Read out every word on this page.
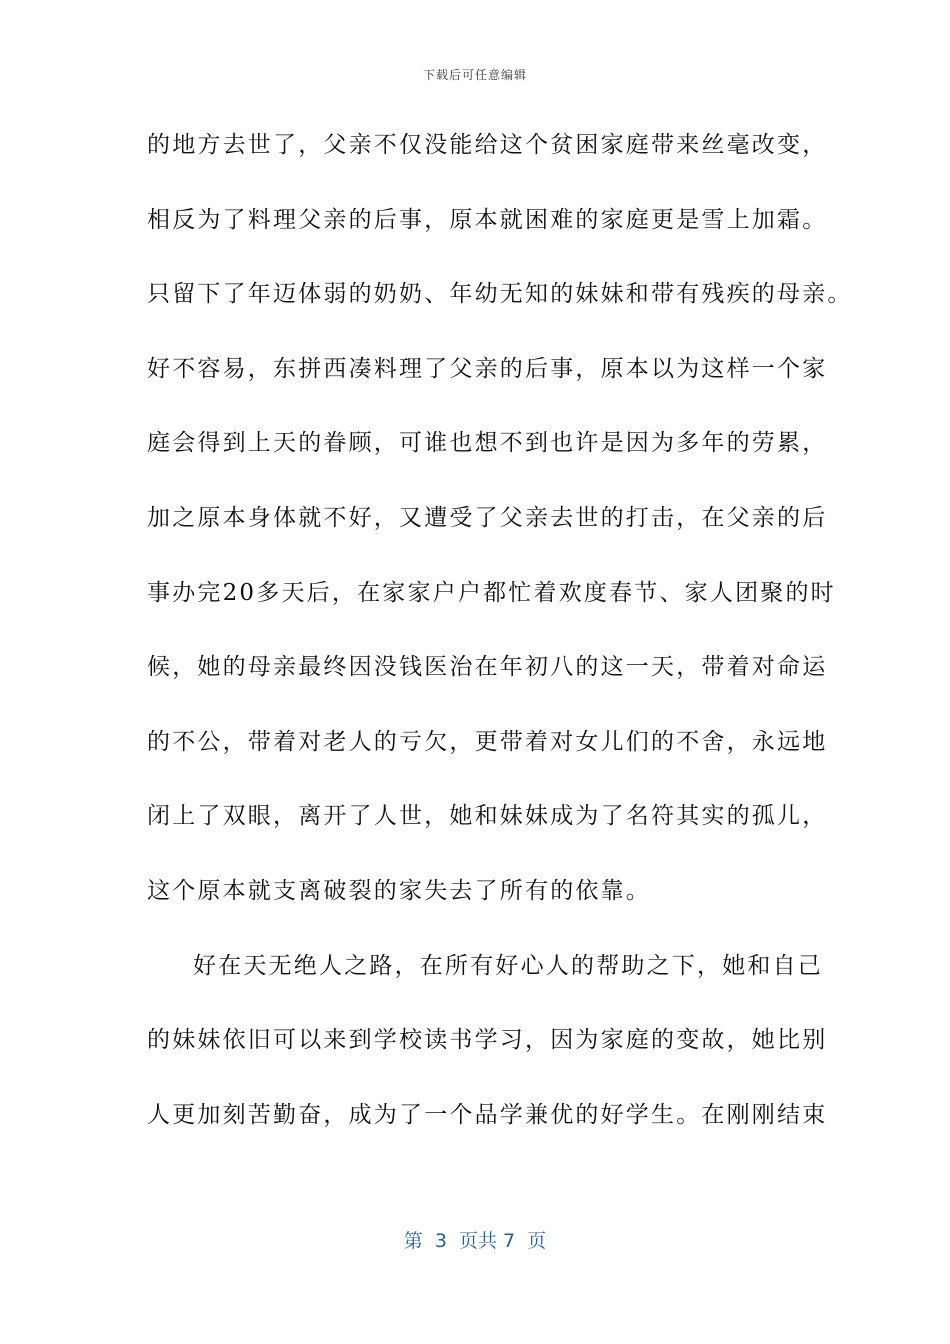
下载后可任意编辑
的地方去世了，父亲不仅没能给这个贫困家庭带来丝毫改变，
相反为了料理父亲的后事，原本就困难的家庭更是雪上加霜。
只留下了年迈体弱的奶奶、年幼无知的妹妹和带有残疾的母亲。
好不容易，东拼西凑料理了父亲的后事，原本以为这样一个家
庭会得到上天的眷顾，可谁也想不到也许是因为多年的劳累，
加之原本身体就不好，又遭受了父亲去世的打击，在父亲的后
事办完20多天后，在家家户户都忙着欢度春节、家人团聚的时
候，她的母亲最终因没钱医治在年初八的这一天，带着对命运
的不公，带着对老人的亏欠，更带着对女儿们的不舍，永远地
闭上了双眼，离开了人世，她和妹妹成为了名符其实的孤儿，
这个原本就支离破裂的家失去了所有的依靠。
好在天无绝人之路，在所有好心人的帮助之下，她和自己
的妹妹依旧可以来到学校读书学习，因为家庭的变故，她比别
人更加刻苦勤奋，成为了一个品学兼优的好学生。在刚刚结束
第  3  页共 7  页
